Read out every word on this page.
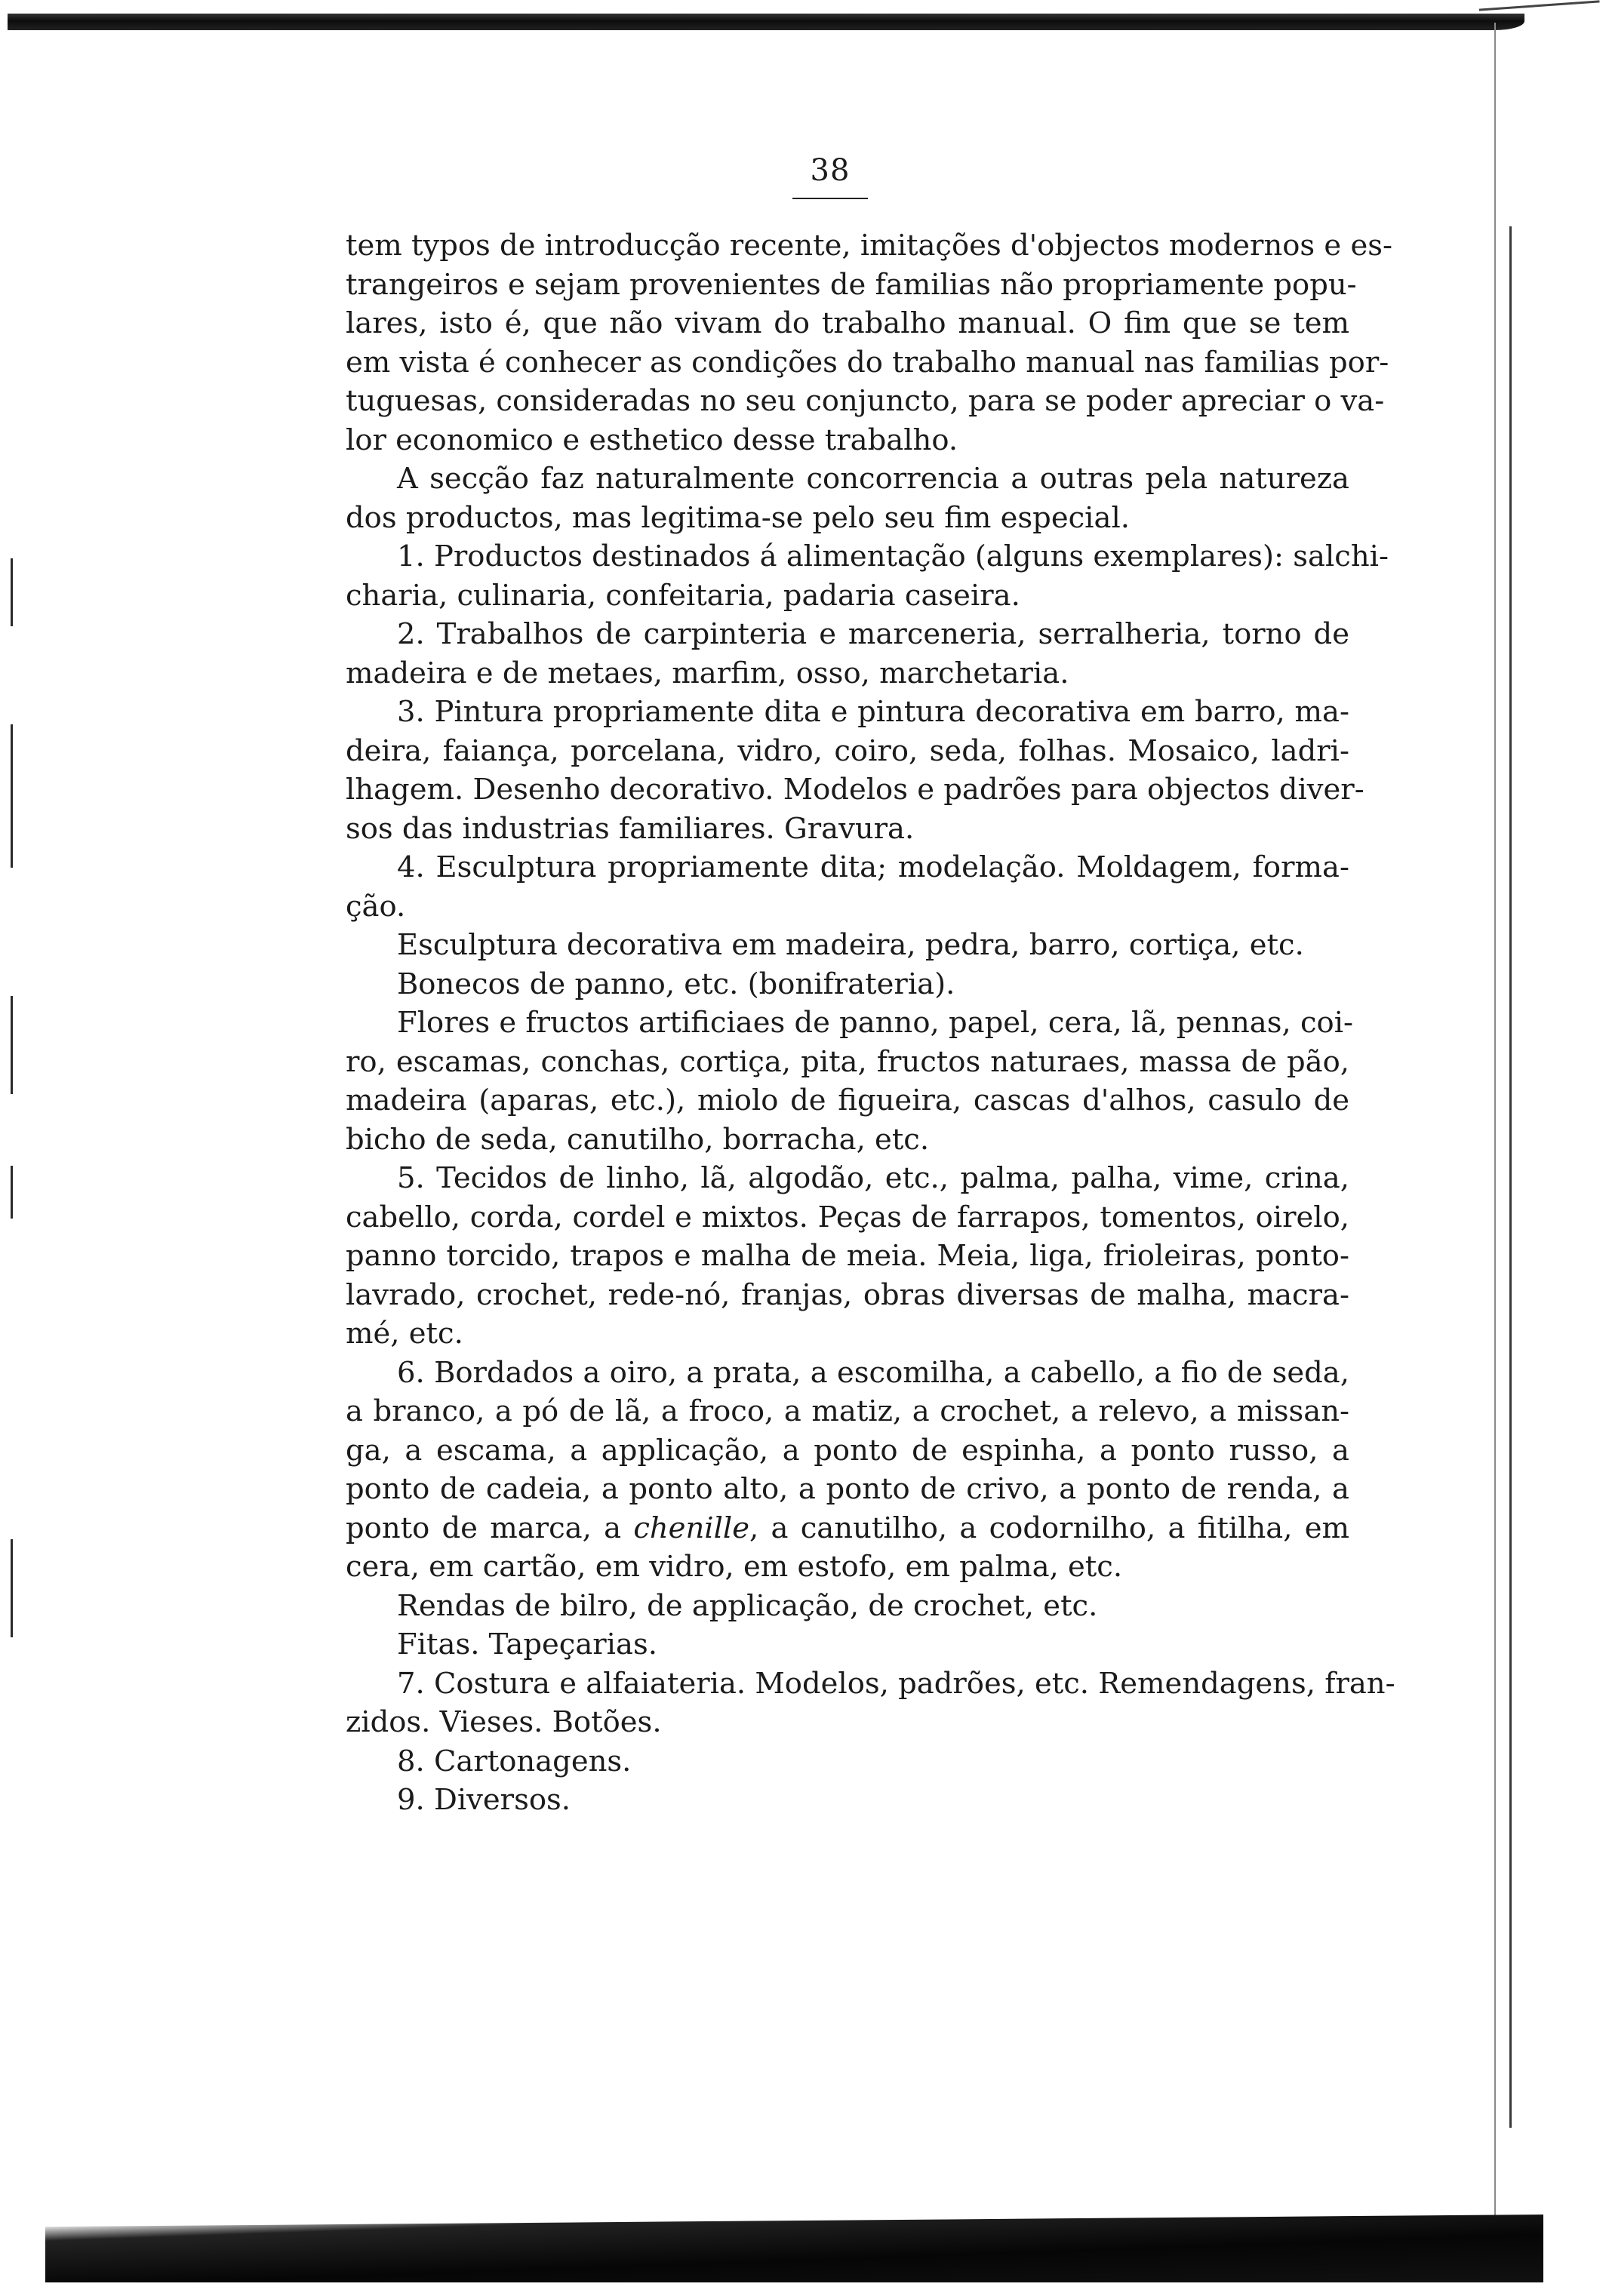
38

tem typos de introducção recente, imitações d'objectos modernos e es-
trangeiros e sejam provenientes de familias não propriamente popu-
lares, isto é, que não vivam do trabalho manual. O fim que se tem
em vista é conhecer as condições do trabalho manual nas familias por-
tuguesas, consideradas no seu conjuncto, para se poder apreciar o va-
lor economico e esthetico desse trabalho.

A secção faz naturalmente concorrencia a outras pela natureza
dos productos, mas legitima-se pelo seu fim especial.

1. Productos destinados á alimentação (alguns exemplares): salchi-
charia, culinaria, confeitaria, padaria caseira.

2. Trabalhos de carpinteria e marceneria, serralheria, torno de
madeira e de metaes, marfim, osso, marchetaria.

3. Pintura propriamente dita e pintura decorativa em barro, ma-
deira, faiança, porcelana, vidro, coiro, seda, folhas. Mosaico, ladri-
lhagem. Desenho decorativo. Modelos e padrões para objectos diver-
sos das industrias familiares. Gravura.

4. Esculptura propriamente dita; modelação. Moldagem, forma-
ção.

Esculptura decorativa em madeira, pedra, barro, cortiça, etc.

Bonecos de panno, etc. (bonifrateria).

Flores e fructos artificiaes de panno, papel, cera, lã, pennas, coi-
ro, escamas, conchas, cortiça, pita, fructos naturaes, massa de pão,
madeira (aparas, etc.), miolo de figueira, cascas d'alhos, casulo de
bicho de seda, canutilho, borracha, etc.

5. Tecidos de linho, lã, algodão, etc., palma, palha, vime, crina,
cabello, corda, cordel e mixtos. Peças de farrapos, tomentos, oirelo,
panno torcido, trapos e malha de meia. Meia, liga, frioleiras, ponto-
lavrado, crochet, rede-nó, franjas, obras diversas de malha, macra-
mé, etc.

6. Bordados a oiro, a prata, a escomilha, a cabello, a fio de seda,
a branco, a pó de lã, a froco, a matiz, a crochet, a relevo, a missan-
ga, a escama, a applicação, a ponto de espinha, a ponto russo, a
ponto de cadeia, a ponto alto, a ponto de crivo, a ponto de renda, a
ponto de marca, a chenille, a canutilho, a codornilho, a fitilha, em
cera, em cartão, em vidro, em estofo, em palma, etc.

Rendas de bilro, de applicação, de crochet, etc.

Fitas. Tapeçarias.

7. Costura e alfaiateria. Modelos, padrões, etc. Remendagens, fran-
zidos. Vieses. Botões.

8. Cartonagens.

9. Diversos.
